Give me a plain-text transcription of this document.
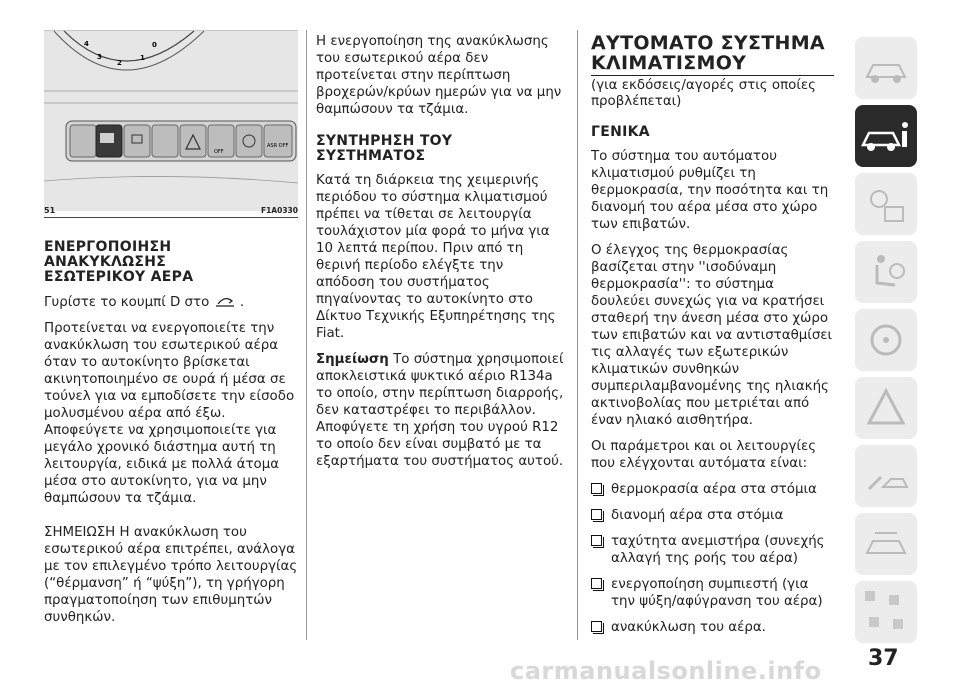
4
3
2
1
0
OFF
ASR OFF
51	F1A0330
ΕΝΕΡΓΟΠΟΙΗΣΗ ΑΝΑΚΥΚΛΩΣΗΣ
ΕΣΩΤΕΡΙΚΟΥ ΑΕΡΑ

Γυρίστε το κουμπί D στο .

Προτείνεται να ενεργοποιείτε την ανακύκλωση του εσωτερικού αέρα όταν το αυτοκίνητο βρίσκεται ακινητοποιημένο σε ουρά ή μέσα σε τούνελ για να εμποδίσετε την είσοδο μολυσμένου αέρα από έξω. Αποφεύγετε να χρησιμοποιείτε για μεγάλο χρονικό διάστημα αυτή τη λειτουργία, ειδικά με πολλά άτομα μέσα στο αυτοκίνητο, για να μην θαμπώσουν τα τζάμια.

ΣΗΜΕΙΩΣΗ Η ανακύκλωση του εσωτερικού αέρα επιτρέπει, ανάλογα με τον επιλεγμένο τρόπο λειτουργίας (“θέρμανση” ή “ψύξη”), τη γρήγορη πραγματοποίηση των επιθυμητών συνθηκών.

Η ενεργοποίηση της ανακύκλωσης του εσωτερικού αέρα δεν προτείνεται στην περίπτωση βροχερών/κρύων ημερών για να μην θαμπώσουν τα τζάμια.

ΣΥΝΤΗΡΗΣΗ ΤΟΥ ΣΥΣΤΗΜΑΤΟΣ

Κατά τη διάρκεια της χειμερινής περιόδου το σύστημα κλιματισμού πρέπει να τίθεται σε λειτουργία τουλάχιστον μία φορά το μήνα για 10 λεπτά περίπου. Πριν από τη θερινή περίοδο ελέγξτε την απόδοση του συστήματος πηγαίνοντας το αυτοκίνητο στο Δίκτυο Τεχνικής Εξυπηρέτησης της Fiat.

Σημείωση Το σύστημα χρησιμοποιεί αποκλειστικά ψυκτικό αέριο R134a το οποίο, στην περίπτωση διαρροής, δεν καταστρέφει το περιβάλλον. Αποφύγετε τη χρήση του υγρού R12 το οποίο δεν είναι συμβατό με τα εξαρτήματα του συστήματος αυτού.

ΑΥΤΟΜΑΤΟ ΣΥΣΤΗΜΑ
ΚΛΙΜΑΤΙΣΜΟΥ

(για εκδόσεις/αγορές στις οποίες προβλέπεται)

ΓΕΝΙΚΑ

Το σύστημα του αυτόματου κλιματισμού ρυθμίζει τη θερμοκρασία, την ποσότητα και τη διανομή του αέρα μέσα στο χώρο των επιβατών.

Ο έλεγχος της θερμοκρασίας βασίζεται στην ''ισοδύναμη θερμοκρασία'': το σύστημα δουλεύει συνεχώς για να κρατήσει σταθερή την άνεση μέσα στο χώρο των επιβατών και να αντισταθμίσει τις αλλαγές των εξωτερικών κλιματικών συνθηκών συμπεριλαμβανομένης της ηλιακής ακτινοβολίας που μετριέται από έναν ηλιακό αισθητήρα.

Οι παράμετροι και οι λειτουργίες που ελέγχονται αυτόματα είναι:

θερμοκρασία αέρα στα στόμια

διανομή αέρα στα στόμια

ταχύτητα ανεμιστήρα (συνεχής αλλαγή της ροής του αέρα)

ενεργοποίηση συμπιεστή (για την ψύξη/αφύγρανση του αέρα)

ανακύκλωση του αέρα.

37
carmanualsonline.info
